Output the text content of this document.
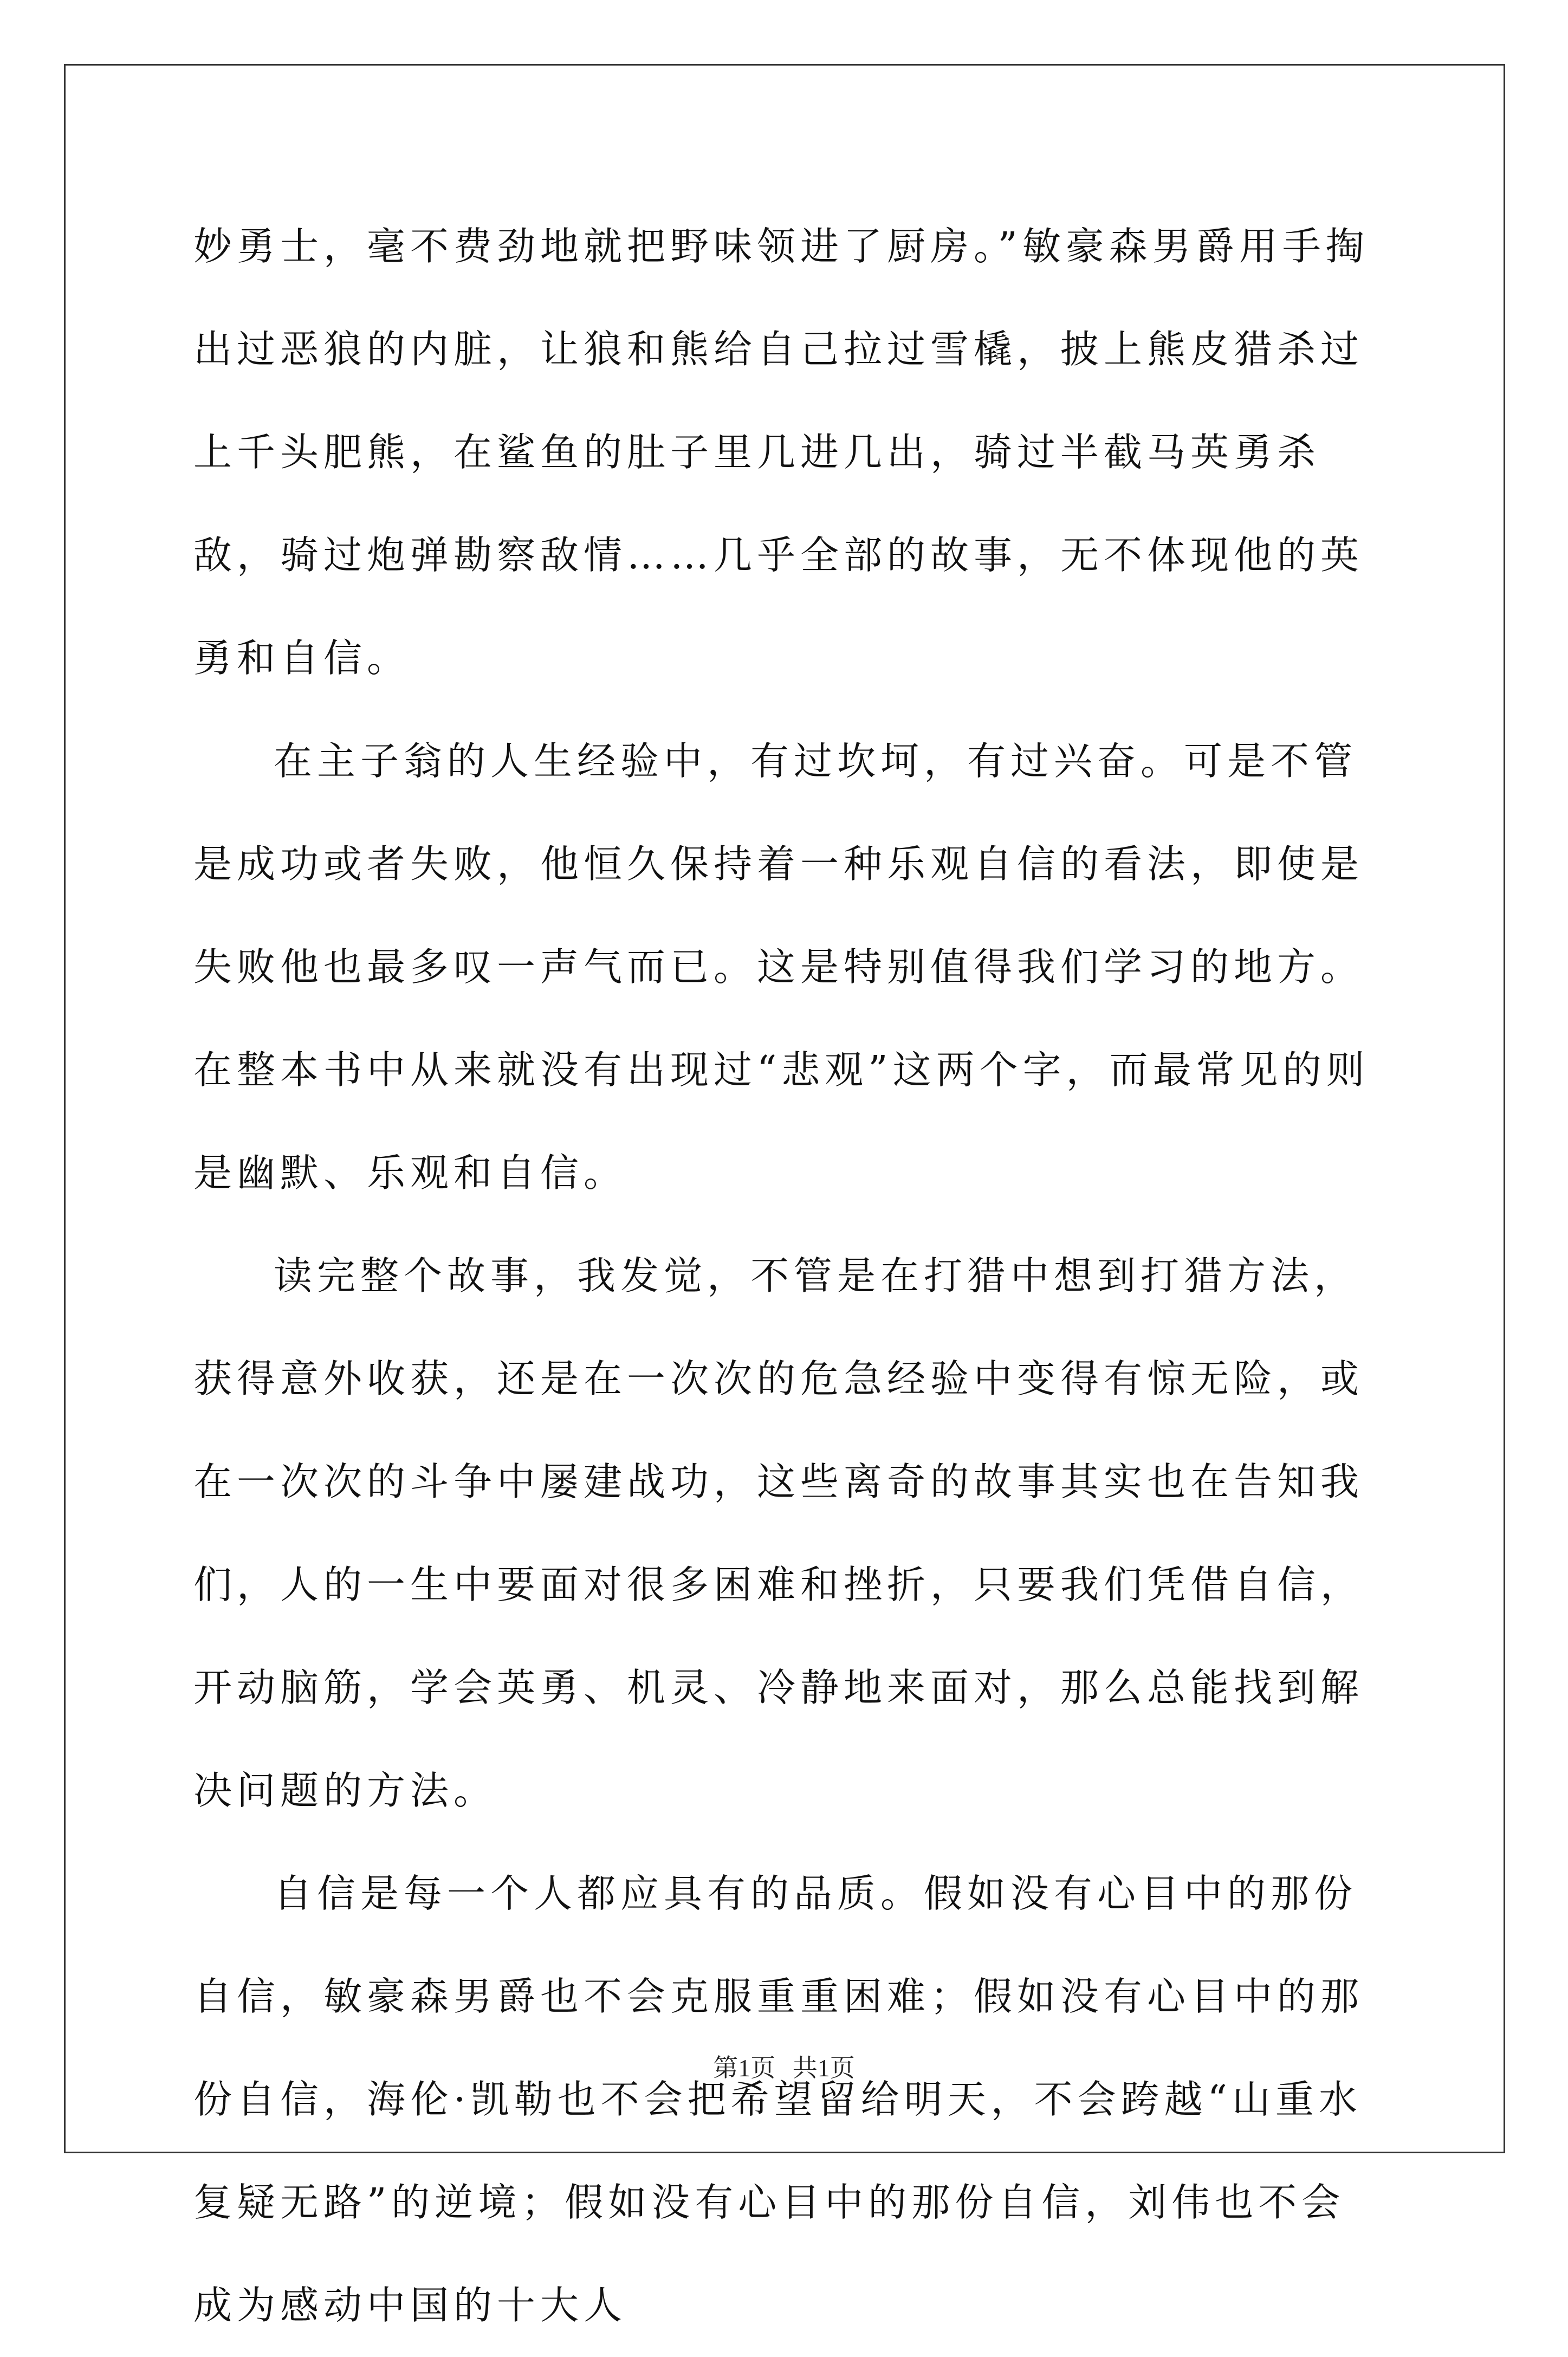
妙勇士，毫不费劲地就把野味领进了厨房。”敏豪森男爵用手掏出过恶狼的内脏，让狼和熊给自己拉过雪橇，披上熊皮猎杀过上千头肥熊，在鲨鱼的肚子里几进几出，骑过半截马英勇杀敌，骑过炮弹勘察敌情……几乎全部的故事，无不体现他的英勇和自信。

在主子翁的人生经验中，有过坎坷，有过兴奋。可是不管是成功或者失败，他恒久保持着一种乐观自信的看法，即使是失败他也最多叹一声气而已。这是特别值得我们学习的地方。在整本书中从来就没有出现过“悲观”这两个字，而最常见的则是幽默、乐观和自信。

读完整个故事，我发觉，不管是在打猎中想到打猎方法，获得意外收获，还是在一次次的危急经验中变得有惊无险，或在一次次的斗争中屡建战功，这些离奇的故事其实也在告知我们，人的一生中要面对很多困难和挫折，只要我们凭借自信，开动脑筋，学会英勇、机灵、冷静地来面对，那么总能找到解决问题的方法。

自信是每一个人都应具有的品质。假如没有心目中的那份自信，敏豪森男爵也不会克服重重困难；假如没有心目中的那份自信，海伦·凯勒也不会把希望留给明天，不会跨越“山重水复疑无路”的逆境；假如没有心目中的那份自信，刘伟也不会成为感动中国的十大人

第1页 共1页
